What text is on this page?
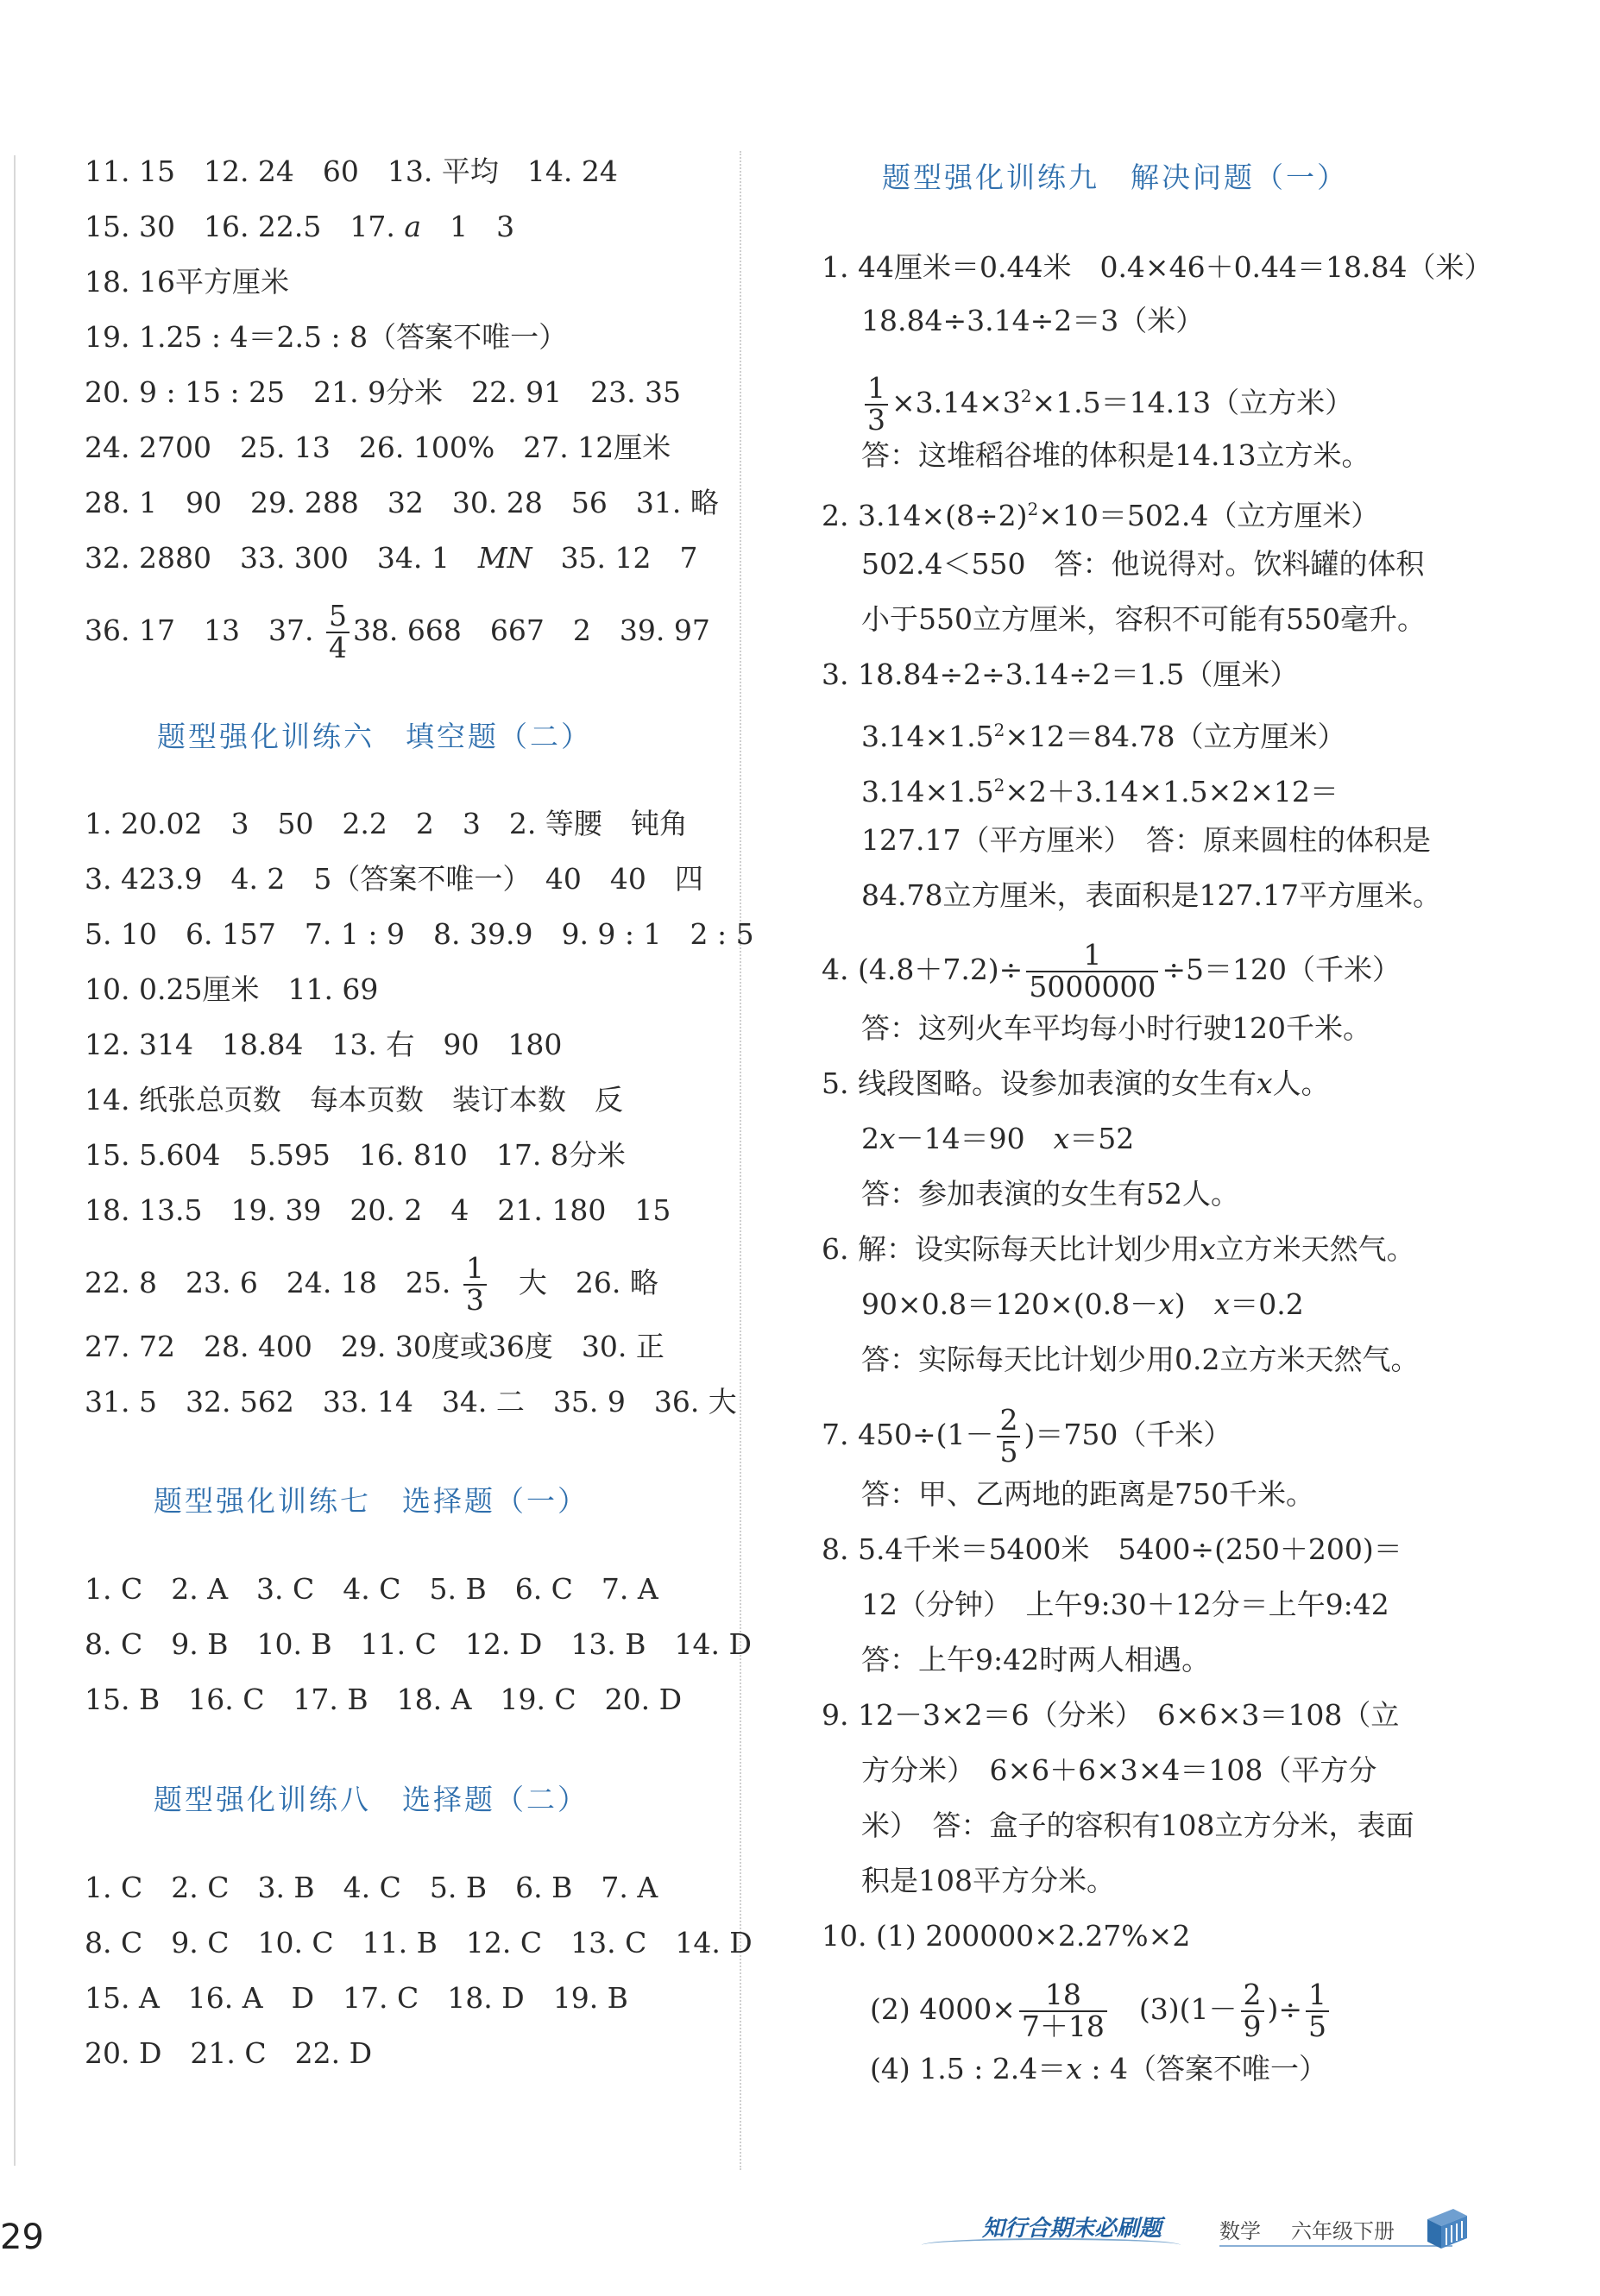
11. 15　12. 24　60　13. 平均　14. 24
15. 30　16. 22.5　17. a　1　3
18. 16平方厘米
19. 1.25 : 4＝2.5 : 8（答案不唯一）
20. 9 : 15 : 25　21. 9分米　22. 91　23. 35
24. 2700　25. 13　26. 100%　27. 12厘米
28. 1　90　29. 288　32　30. 28　56　31. 略
32. 2880　33. 300　34. 1　MN　35. 12　7
36. 17　13　37. $\frac{5}{4} 38$. 668　667　2　39. 97
题型强化训练六　填空题（二）
1. 20.02　3　50　2.2　2　3　2. 等腰　钝角
3. 423.9　4. 2　5（答案不唯一）　40　40　四
5. 10　6. 157　7. 1 : 9　8. 39.9　9. 9 : 1　2 : 5
10. 0.25厘米　11. 69
12. 314　18.84　13. 右　90　180
14. 纸张总页数　每本页数　装订本数　反
15. 5.604　5.595　16. 810　17. 8分米
18. 13.5　19. 39　20. 2　4　21. 180　15
22. 8　23. 6　24. 18　25. $\frac{1}{3}$ 　大　26. 略
27. 72　28. 400　29. 30度或36度　30. 正
31. 5　32. 562　33. 14　34. 二　35. 9　36. 大
题型强化训练七　选择题（一）
1. C　2. A　3. C　4. C　5. B　6. C　7. A
8. C　9. B　10. B　11. C　12. D　13. B　14. D
15. B　16. C　17. B　18. A　19. C　20. D
题型强化训练八　选择题（二）
1. C　2. C　3. B　4. C　5. B　6. B　7. A
8. C　9. C　10. C　11. B　12. C　13. C　14. D
15. A　16. A　D　17. C　18. D　19. B
20. D　21. C　22. D
题型强化训练九　解决问题（一）
1. 44厘米＝0.44米　0.4×46＋0.44＝18.84（米）
18.84÷3.14÷2＝3（米）
$\frac{1}{3} \times 3.14\times 3^2\times 1.5=14.13$（立方米）
答：这堆稻谷堆的体积是14.13立方米。
2. $3.14\times(8\div 2)^2\times 10=502.4$（立方厘米）
502.4＜550　答：他说得对。饮料罐的体积
小于550立方厘米，容积不可能有550毫升。
3. 18.84÷2÷3.14÷2＝1.5（厘米）
$3.14\times 1.5^2\times 12=84.78$（立方厘米）
$3.14\times 1.5^2\times 2+3.14\times 1.5\times 2\times 12=$
127.17（平方厘米）　答：原来圆柱的体积是
84.78立方厘米，表面积是127.17平方厘米。
4. $(4.8+7.2)\div \frac{1}{5000000} \div 5=120$（千米）
答：这列火车平均每小时行驶120千米。
5. 线段图略。设参加表演的女生有x人。
2x－14＝90　x＝52
答：参加表演的女生有52人。
6. 解：设实际每天比计划少用x立方米天然气。
90×0.8＝120×(0.8－x)　x＝0.2
答：实际每天比计划少用0.2立方米天然气。
7. $450\div(1- \frac{2}{5} )=750$（千米）
答：甲、乙两地的距离是750千米。
8. 5.4千米＝5400米　5400÷(250＋200)＝
12（分钟）　上午9:30＋12分＝上午9:42
答：上午9:42时两人相遇。
9. 12－3×2＝6（分米）　6×6×3＝108（立
方分米）　6×6＋6×3×4＝108（平方分
米）　答：盒子的容积有108立方分米，表面
积是108平方分米。
10. (1) 200000×2.27%×2
(2) $4000\times \frac{18}{7+18}$ 　$(3)(1- \frac{2}{9}$ )÷ $\frac{1}{5}$
(4) 1.5 : 2.4＝x : 4（答案不唯一）
29	知行合期末必刷题	数学 六年级下册
